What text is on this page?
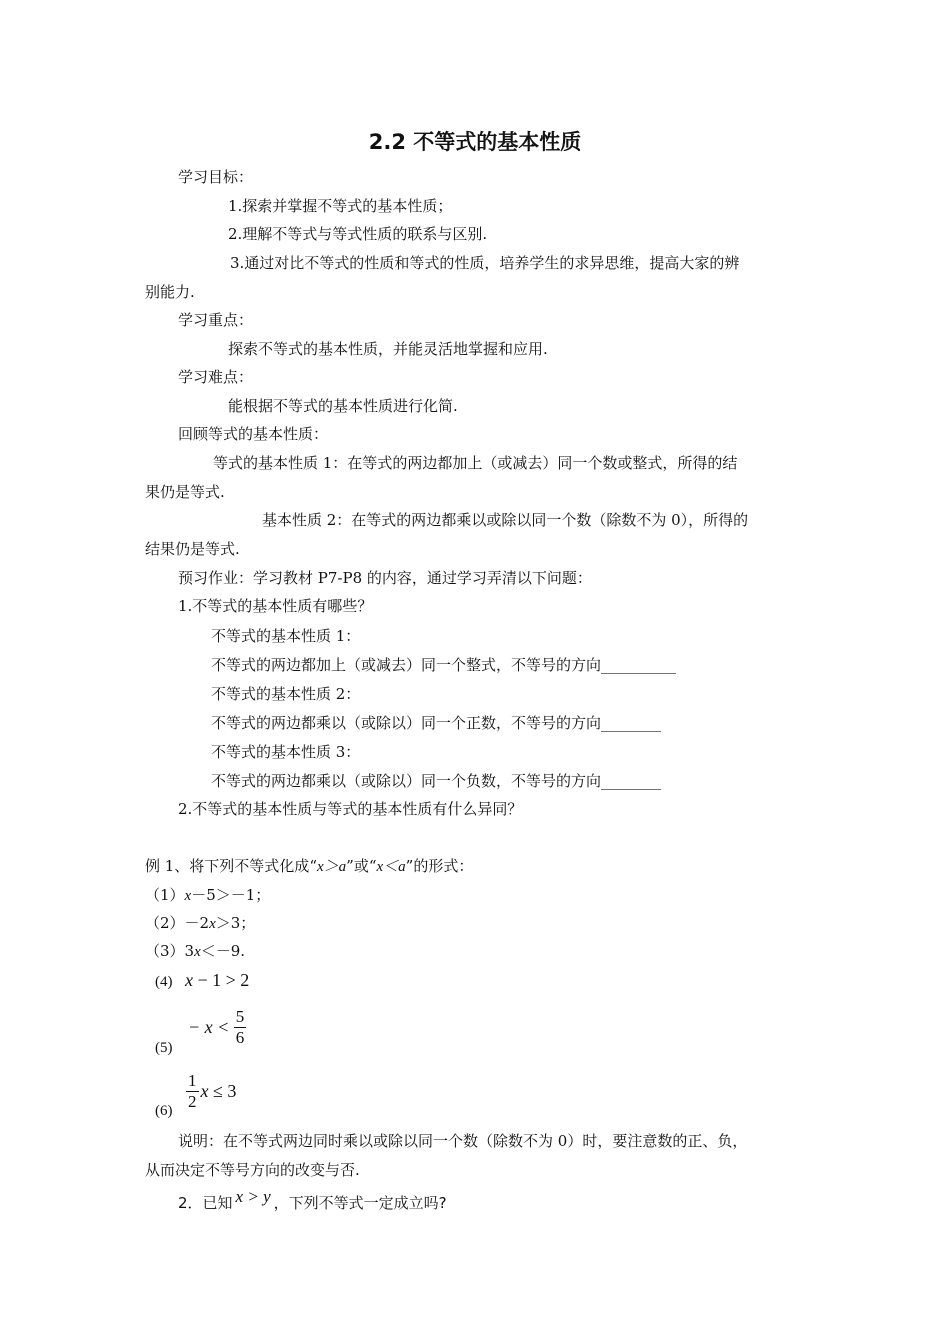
2.2 不等式的基本性质
学习目标：
1.探索并掌握不等式的基本性质；
2.理解不等式与等式性质的联系与区别.
3.通过对比不等式的性质和等式的性质，培养学生的求异思维，提高大家的辨
别能力.
学习重点：
探索不等式的基本性质，并能灵活地掌握和应用.
学习难点：
能根据不等式的基本性质进行化简.
回顾等式的基本性质：
等式的基本性质 1：在等式的两边都加上（或减去）同一个数或整式，所得的结
果仍是等式.
基本性质 2：在等式的两边都乘以或除以同一个数（除数不为 0），所得的
结果仍是等式.
预习作业：学习教材 P7-P8 的内容，通过学习弄清以下问题：
1.不等式的基本性质有哪些？
不等式的基本性质 1：
不等式的两边都加上（或减去）同一个整式，不等号的方向__________
不等式的基本性质 2：
不等式的两边都乘以（或除以）同一个正数，不等号的方向________
不等式的基本性质 3：
不等式的两边都乘以（或除以）同一个负数，不等号的方向________
2.不等式的基本性质与等式的基本性质有什么异同？
例 1、将下列不等式化成“x＞a”或“x＜a”的形式：
（1）x－5＞－1；
（2）－2x＞3；
（3）3x＜－9.
(4) x − 1 > 2
(5)
− $x < \frac{5}{6}$
$(6) \frac{1}{2}$ x ≤ 3
说明：在不等式两边同时乘以或除以同一个数（除数不为 0）时，要注意数的正、负，
从而决定不等号方向的改变与否.
2．已知 x > y ，下列不等式一定成立吗?
